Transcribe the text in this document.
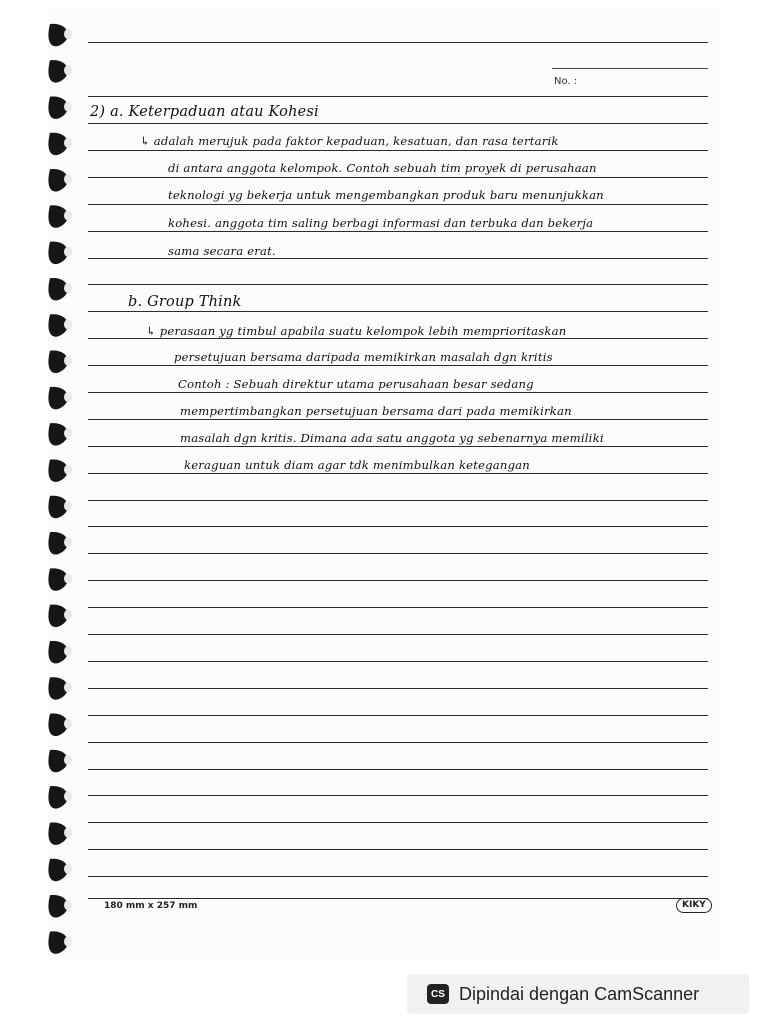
No. :
2) a. Keterpaduan atau Kohesi
↳ adalah merujuk pada faktor kepaduan, kesatuan, dan rasa tertarik
di antara anggota kelompok. Contoh sebuah tim proyek di perusahaan
teknologi yg bekerja untuk mengembangkan produk baru menunjukkan
kohesi. anggota tim saling berbagi informasi dan terbuka dan bekerja
sama secara erat.
b. Group Think
↳ perasaan yg timbul apabila suatu kelompok lebih memprioritaskan
persetujuan bersama daripada memikirkan masalah dgn kritis
Contoh : Sebuah direktur utama perusahaan besar sedang
mempertimbangkan persetujuan bersama dari pada memikirkan
masalah dgn kritis. Dimana ada satu anggota yg sebenarnya memiliki
keraguan untuk diam agar tdk menimbulkan ketegangan
180 mm x 257 mm	KIKY
CS Dipindai dengan CamScanner
